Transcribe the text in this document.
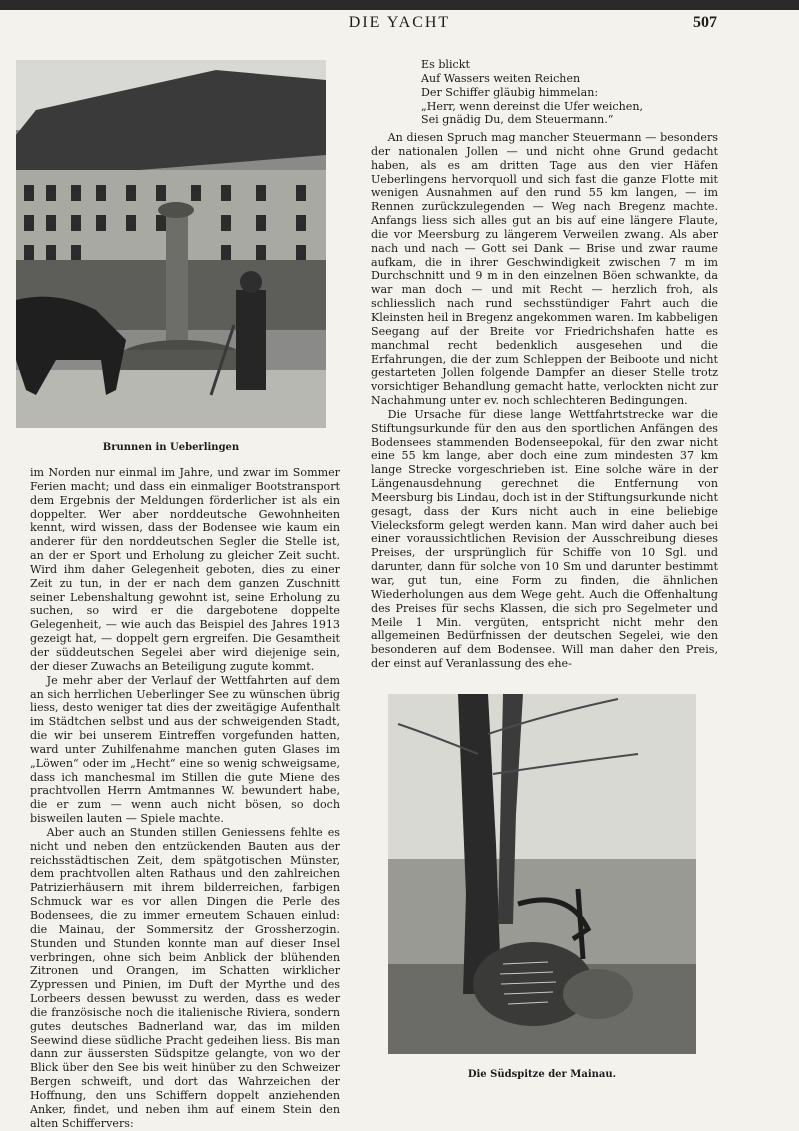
DIE YACHT	507
Brunnen in Ueberlingen

im Norden nur einmal im Jahre, und zwar im Sommer Ferien macht; und dass ein einmaliger Bootstransport dem Ergebnis der Meldungen förderlicher ist als ein doppelter. Wer aber norddeutsche Gewohnheiten kennt, wird wissen, dass der Bodensee wie kaum ein anderer für den norddeutschen Segler die Stelle ist, an der er Sport und Erholung zu gleicher Zeit sucht. Wird ihm daher Gelegenheit geboten, dies zu einer Zeit zu tun, in der er nach dem ganzen Zuschnitt seiner Lebenshaltung gewohnt ist, seine Erholung zu suchen, so wird er die dargebotene doppelte Gelegenheit, — wie auch das Beispiel des Jahres 1913 gezeigt hat, — doppelt gern ergreifen. Die Gesamtheit der süddeutschen Segelei aber wird diejenige sein, der dieser Zuwachs an Beteiligung zugute kommt.

Je mehr aber der Verlauf der Wettfahrten auf dem an sich herrlichen Ueberlinger See zu wünschen übrig liess, desto weniger tat dies der zweitägige Aufenthalt im Städtchen selbst und aus der schweigenden Stadt, die wir bei unserem Eintreffen vorgefunden hatten, ward unter Zuhilfenahme manchen guten Glases im „Löwen“ oder im „Hecht“ eine so wenig schweigsame, dass ich manchesmal im Stillen die gute Miene des prachtvollen Herrn Amtmannes W. bewundert habe, die er zum — wenn auch nicht bösen, so doch bisweilen lauten — Spiele machte.

Aber auch an Stunden stillen Geniessens fehlte es nicht und neben den entzückenden Bauten aus der reichsstädtischen Zeit, dem spätgotischen Münster, dem prachtvollen alten Rathaus und den zahlreichen Patrizierhäusern mit ihrem bilderreichen, farbigen Schmuck war es vor allen Dingen die Perle des Bodensees, die zu immer erneutem Schauen einlud: die Mainau, der Sommersitz der Grossherzogin. Stunden und Stunden konnte man auf dieser Insel verbringen, ohne sich beim Anblick der blühenden Zitronen und Orangen, im Schatten wirklicher Zypressen und Pinien, im Duft der Myrthe und des Lorbeers dessen bewusst zu werden, dass es weder die französische noch die italienische Riviera, sondern gutes deutsches Badnerland war, das im milden Seewind diese südliche Pracht gedeihen liess. Bis man dann zur äussersten Südspitze gelangte, von wo der Blick über den See bis weit hinüber zu den Schweizer Bergen schweift, und dort das Wahrzeichen der Hoffnung, den uns Schiffern doppelt anziehenden Anker, findet, und neben ihm auf einem Stein den alten Schiffervers:

Es blickt
Auf Wassers weiten Reichen
Der Schiffer gläubig himmelan:
„Herr, wenn dereinst die Ufer weichen,
Sei gnädig Du, dem Steuermann.“

An diesen Spruch mag mancher Steuermann — besonders der nationalen Jollen — und nicht ohne Grund gedacht haben, als es am dritten Tage aus den vier Häfen Ueberlingens hervorquoll und sich fast die ganze Flotte mit wenigen Ausnahmen auf den rund 55 km langen, — im Rennen zurückzulegenden — Weg nach Bregenz machte. Anfangs liess sich alles gut an bis auf eine längere Flaute, die vor Meersburg zu längerem Verweilen zwang. Als aber nach und nach — Gott sei Dank — Brise und zwar raume aufkam, die in ihrer Geschwindigkeit zwischen 7 m im Durchschnitt und 9 m in den einzelnen Böen schwankte, da war man doch — und mit Recht — herzlich froh, als schliesslich nach rund sechsstündiger Fahrt auch die Kleinsten heil in Bregenz angekommen waren. Im kabbeligen Seegang auf der Breite vor Friedrichshafen hatte es manchmal recht bedenklich ausgesehen und die Erfahrungen, die der zum Schleppen der Beiboote und nicht gestarteten Jollen folgende Dampfer an dieser Stelle trotz vorsichtiger Behandlung gemacht hatte, verlockten nicht zur Nachahmung unter ev. noch schlechteren Bedingungen.

Die Ursache für diese lange Wettfahrtstrecke war die Stiftungsurkunde für den aus den sportlichen Anfängen des Bodensees stammenden Bodenseepokal, für den zwar nicht eine 55 km lange, aber doch eine zum mindesten 37 km lange Strecke vorgeschrieben ist. Eine solche wäre in der Längenausdehnung gerechnet die Entfernung von Meersburg bis Lindau, doch ist in der Stiftungsurkunde nicht gesagt, dass der Kurs nicht auch in eine beliebige Vielecksform gelegt werden kann. Man wird daher auch bei einer voraussichtlichen Revision der Ausschreibung dieses Preises, der ursprünglich für Schiffe von 10 Sgl. und darunter, dann für solche von 10 Sm und darunter bestimmt war, gut tun, eine Form zu finden, die ähnlichen Wiederholungen aus dem Wege geht. Auch die Offenhaltung des Preises für sechs Klassen, die sich pro Segelmeter und Meile 1 Min. vergüten, entspricht nicht mehr den allgemeinen Bedürfnissen der deutschen Segelei, wie den besonderen auf dem Bodensee. Will man daher den Preis, der einst auf Veranlassung des ehe-

Die Südspitze der Mainau.
